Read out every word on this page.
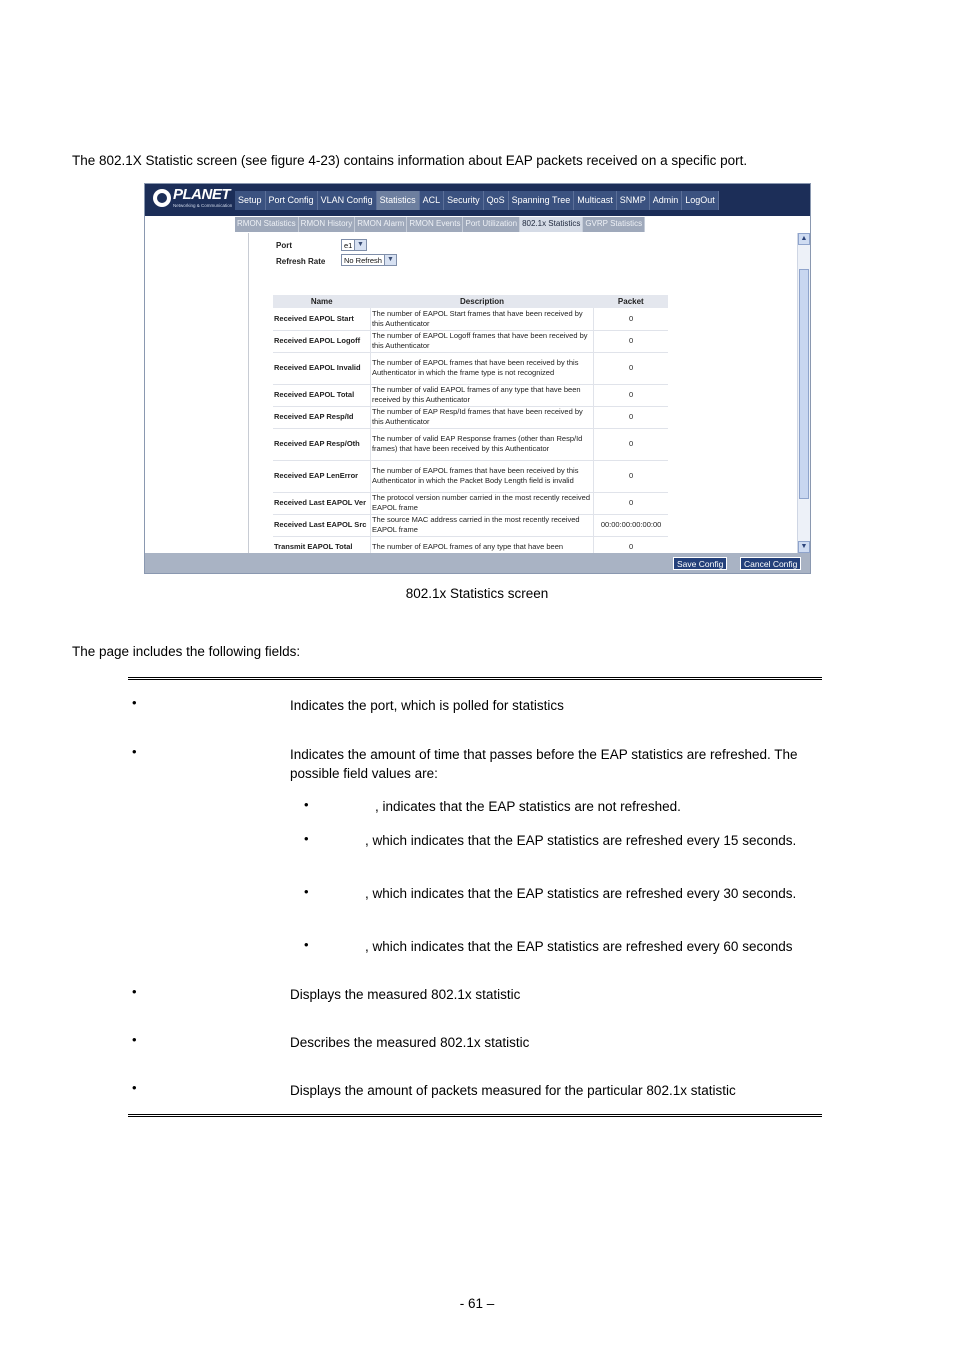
The 802.1X Statistic screen (see figure 4-23) contains information about EAP packets received on a specific port.
PLANET
Networking & Communication
Setup Port Config VLAN Config Statistics ACL Security QoS Spanning Tree Multicast SNMP Admin LogOut
RMON Statistics RMON History RMON Alarm RMON Events Port Utilization 802.1x Statistics GVRP Statistics
Port	e1 ▼
Refresh Rate	No Refresh ▼
Name	Description	Packet
Received EAPOL Start	The number of EAPOL Start frames that have been received by this Authenticator	0
Received EAPOL Logoff	The number of EAPOL Logoff frames that have been received by this Authenticator	0
Received EAPOL Invalid	The number of EAPOL frames that have been received by this Authenticator in which the frame type is not recognized	0
Received EAPOL Total	The number of valid EAPOL frames of any type that have been received by this Authenticator	0
Received EAP Resp/Id	The number of EAP Resp/Id frames that have been received by this Authenticator	0
Received EAP Resp/Oth	The number of valid EAP Response frames (other than Resp/Id frames) that have been received by this Authenticator	0
Received EAP LenError	The number of EAPOL frames that have been received by this Authenticator in which the Packet Body Length field is invalid	0
Received Last EAPOL Ver	The protocol version number carried in the most recently received EAPOL frame	0
Received Last EAPOL Src	The source MAC address carried in the most recently received EAPOL frame	00:00:00:00:00:00
Transmit EAPOL Total	The number of EAPOL frames of any type that have been	0
▲
▼
Save Config	Cancel Config
802.1x Statistics screen
The page includes the following fields:
•	Indicates the port, which is polled for statistics
•	Indicates the amount of time that passes before the EAP statistics are refreshed. The possible field values are:
•	, indicates that the EAP statistics are not refreshed.
•	, which indicates that the EAP statistics are refreshed every 15 seconds.
•	, which indicates that the EAP statistics are refreshed every 30 seconds.
•	, which indicates that the EAP statistics are refreshed every 60 seconds
•	Displays the measured 802.1x statistic
•	Describes the measured 802.1x statistic
•	Displays the amount of packets measured for the particular 802.1x statistic
- 61 –
